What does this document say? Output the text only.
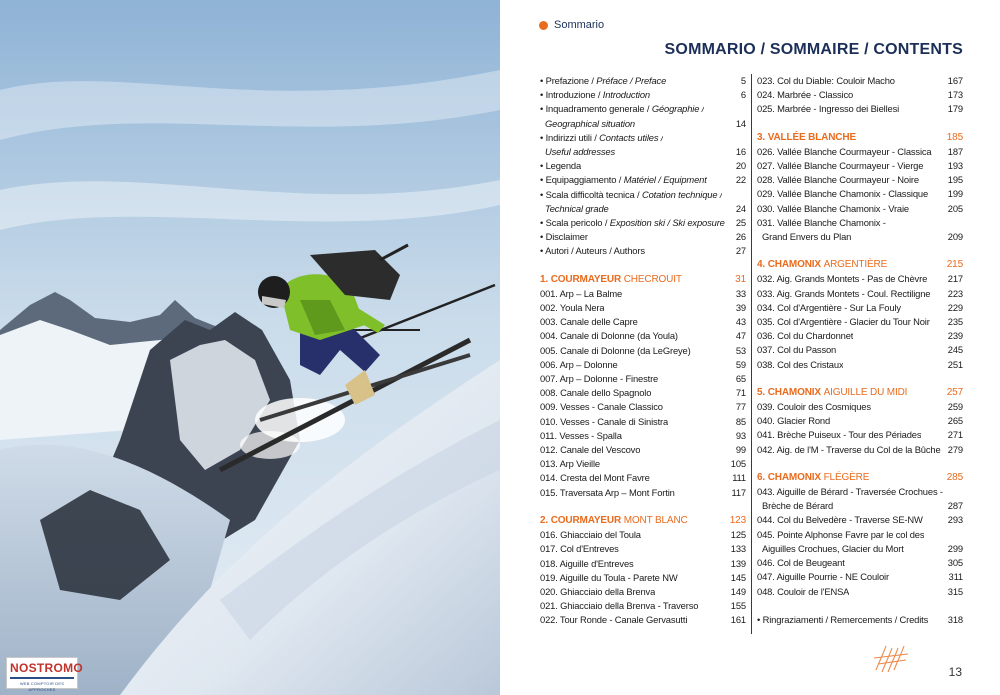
NOSTROMO
WEB COMPTOIR DES APPROCHES
Sommario
SOMMARIO / SOMMAIRE / CONTENTS
• Prefazione / Préface / Preface	5
• Introduzione / Introduction	6
• Inquadramento generale / Géographie /
Geographical situation	14
• Indirizzi utili / Contacts utiles /
Useful addresses	16
• Legenda	20
• Equipaggiamento / Matériel / Equipment	22
• Scala difficoltà tecnica / Cotation technique /
Technical grade	24
• Scala pericolo / Exposition ski / Ski exposure	25
• Disclaimer	26
• Autori / Auteurs / Authors	27
1. COURMAYEUR CHECROUIT	31
001. Arp – La Balme	33
002. Youla Nera	39
003. Canale delle Capre	43
004. Canale di Dolonne (da Youla)	47
005. Canale di Dolonne (da LeGreye)	53
006. Arp – Dolonne	59
007. Arp – Dolonne - Finestre	65
008. Canale dello Spagnolo	71
009. Vesses - Canale Classico	77
010. Vesses - Canale di Sinistra	85
011. Vesses - Spalla	93
012. Canale del Vescovo	99
013. Arp Vieille	105
014. Cresta del Mont Favre	111
015. Traversata Arp – Mont Fortin	117
2. COURMAYEUR MONT BLANC	123
016. Ghiacciaio del Toula	125
017. Col d'Entreves	133
018. Aiguille d'Entreves	139
019. Aiguille du Toula - Parete NW	145
020. Ghiacciaio della Brenva	149
021. Ghiacciaio della Brenva - Traverso	155
022. Tour Ronde - Canale Gervasutti	161
023. Col du Diable: Couloir Macho	167
024. Marbrée - Classico	173
025. Marbrée - Ingresso dei Biellesi	179
3. VALLÉE BLANCHE	185
026. Vallée Blanche Courmayeur - Classica 187
027. Vallée Blanche Courmayeur - Vierge	193
028. Vallée Blanche Courmayeur - Noire	195
029. Vallée Blanche Chamonix - Classique 199
030. Vallée Blanche Chamonix - Vraie	205
031. Vallée Blanche Chamonix -
Grand Envers du Plan	209
4. CHAMONIX ARGENTIÈRE	215
032. Aig. Grands Montets - Pas de Chèvre 217
033. Aig. Grands Montets - Coul. Rectiligne 223
034. Col d'Argentière - Sur La Fouly	229
035. Col d'Argentière - Glacier du Tour Noir 235
036. Col du Chardonnet	239
037. Col du Passon	245
038. Col des Cristaux	251
5. CHAMONIX AIGUILLE DU MIDI	257
039. Couloir des Cosmiques	259
040. Glacier Rond	265
041. Brèche Puiseux - Tour des Périades	271
042. Aig. de l'M - Traverse du Col de la Bûche 279
6. CHAMONIX FLÉGÈRE	285
043. Aiguille de Bérard - Traversée Crochues -
Brèche de Bérard	287
044. Col du Belvedère - Traverse SE-NW	293
045. Pointe Alphonse Favre par le col des
Aiguilles Crochues, Glacier du Mort	299
046. Col de Beugeant	305
047. Aiguille Pourrie - NE Couloir	311
048. Couloir de l'ENSA	315
• Ringraziamenti / Remercements / Credits 318
13
